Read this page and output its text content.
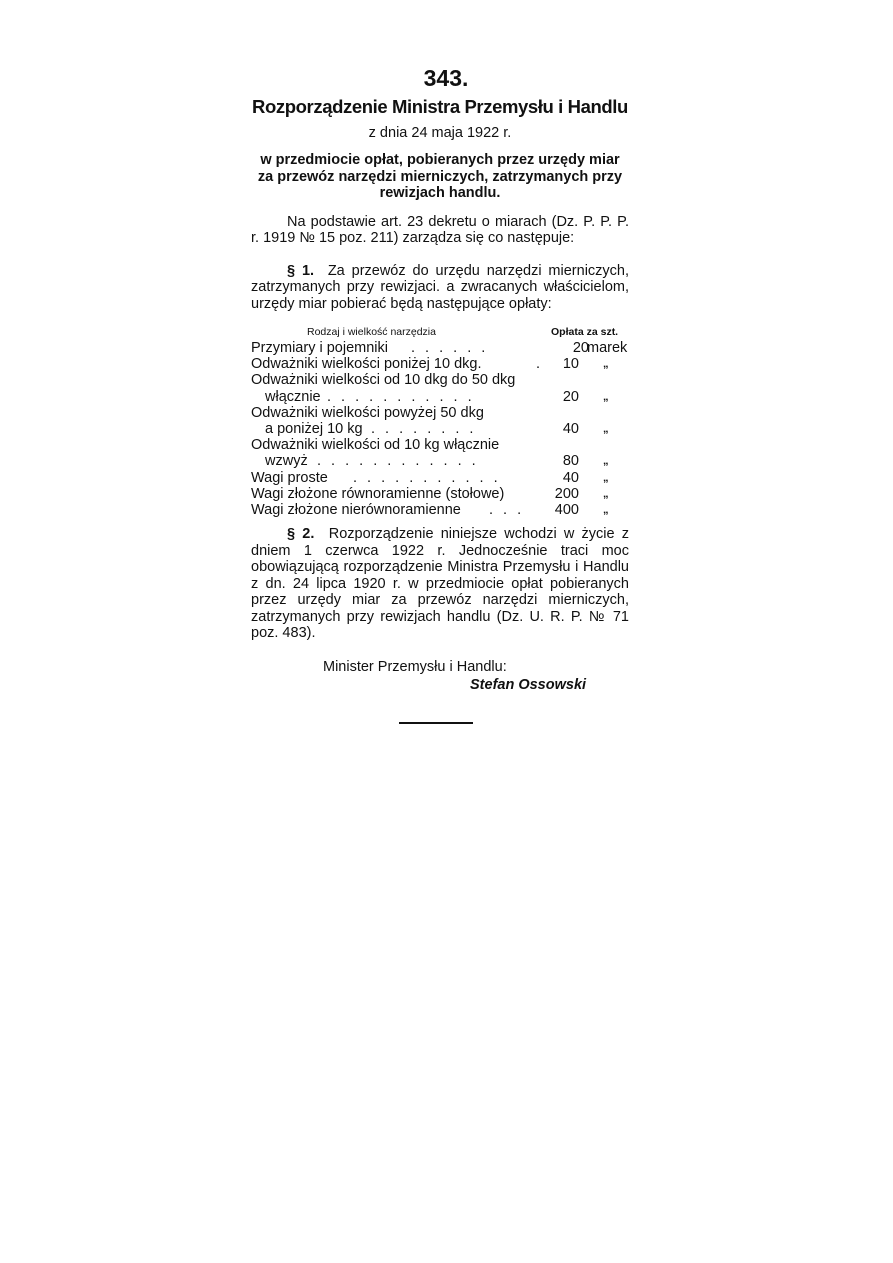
343.
Rozporządzenie Ministra Przemysłu i Handlu
z dnia 24 maja 1922 r.
w przedmiocie opłat, pobieranych przez urzędy miar za przewóz narzędzi mierniczych, zatrzymanych przy rewizjach handlu.

Na podstawie art. 23 dekretu o miarach (Dz. P. P. P. r. 1919 № 15 poz. 211) zarządza się co następuje:

§ 1. Za przewóz do urzędu narzędzi mierniczych, zatrzymanych przy rewizjaci. a zwracanych właścicielom, urzędy miar pobierać będą następujące opłaty:

Rodzaj i wielkość narzędzia	Opłata za szt.
Przymiary i pojemniki . . . . . .	20
marek
Odważniki wielkości poniżej 10 dkg.	.	10 „
Odważniki wielkości od 10 dkg do 50 dkg
włącznie . . . . . . . . . . .	20 „
Odważniki wielkości powyżej 50 dkg
a poniżej 10 kg . . . . . . . .	40 „
Odważniki wielkości od 10 kg włącznie
wzwyż . . . . . . . . . . . .	80 „
Wagi proste . . . . . . . . . . .	40 „
Wagi złożone równoramienne (stołowe)	200 „
Wagi złożone nierównoramienne . . . 400 „

§ 2. Rozporządzenie niniejsze wchodzi w życie z dniem 1 czerwca 1922 r. Jednocześnie traci moc obowiązującą rozporządzenie Ministra Przemysłu i Handlu z dn. 24 lipca 1920 r. w przedmiocie opłat pobieranych przez urzędy miar za przewóz narzędzi mierniczych, zatrzymanych przy rewizjach handlu (Dz. U. R. P. № 71 poz. 483).

Minister Przemysłu i Handlu:
Stefan Ossowski
